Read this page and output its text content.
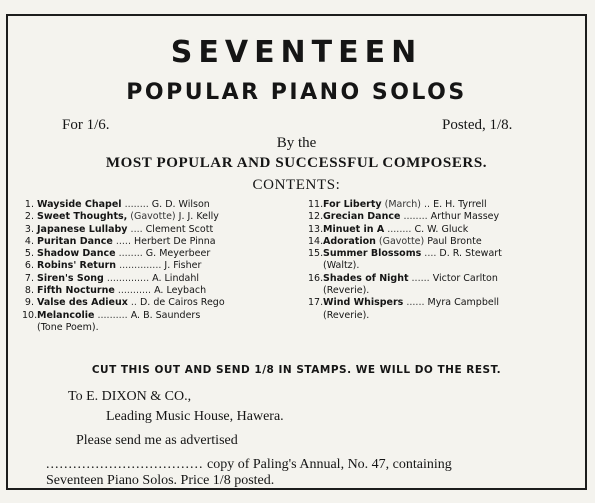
SEVENTEEN
POPULAR PIANO SOLOS
For 1/6.	Posted, 1/8.
By the
MOST POPULAR AND SUCCESSFUL COMPOSERS.
CONTENTS:
1. Wayside Chapel ........ G. D. Wilson
2. Sweet Thoughts, (Gavotte) J. J. Kelly
3. Japanese Lullaby .... Clement Scott
4. Puritan Dance ..... Herbert De Pinna
5. Shadow Dance ........ G. Meyerbeer
6. Robins' Return .............. J. Fisher
7. Siren's Song .............. A. Lindahl
8. Fifth Nocturne ........... A. Leybach
9. Valse des Adieux .. D. de Cairos Rego
10.Melancolie .......... A. B. Saunders
(Tone Poem).
11.For Liberty (March) .. E. H. Tyrrell
12.Grecian Dance ........ Arthur Massey
13.Minuet in A ........ C. W. Gluck
14.Adoration (Gavotte) Paul Bronte
15.Summer Blossoms .... D. R. Stewart
(Waltz).
16.Shades of Night ...... Victor Carlton
(Reverie).
17.Wind Whispers ...... Myra Campbell
(Reverie).
CUT THIS OUT AND SEND 1/8 IN STAMPS. WE WILL DO THE REST.
To E. DIXON & CO.,
Leading Music House, Hawera.
Please send me as advertised
................................... copy of Paling's Annual, No. 47, containing
Seventeen Piano Solos. Price 1/8 posted.
